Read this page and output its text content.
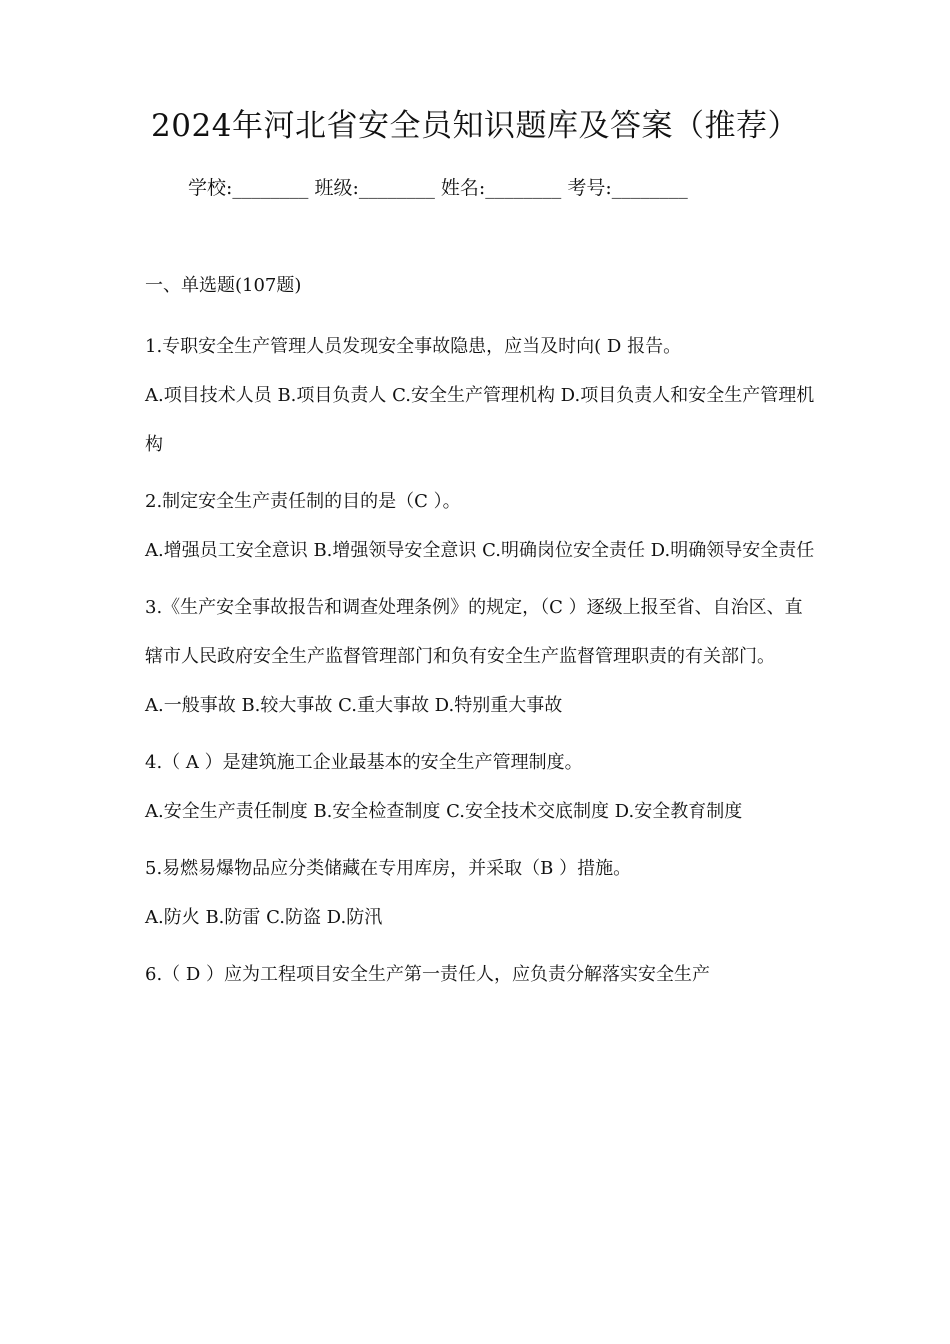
2024年河北省安全员知识题库及答案（推荐）
学校:________ 班级:________ 姓名:________ 考号:________
一、单选题(107题)

1.专职安全生产管理人员发现安全事故隐患，应当及时向( D 报告。

A.项目技术人员 B.项目负责人 C.安全生产管理机构 D.项目负责人和安全生产管理机构

2.制定安全生产责任制的目的是（C ）。

A.增强员工安全意识 B.增强领导安全意识 C.明确岗位安全责任 D.明确领导安全责任

3.《生产安全事故报告和调查处理条例》的规定，（C ）逐级上报至省、自治区、直辖市人民政府安全生产监督管理部门和负有安全生产监督管理职责的有关部门。

A.一般事故 B.较大事故 C.重大事故 D.特别重大事故

4.（ A ）是建筑施工企业最基本的安全生产管理制度。

A.安全生产责任制度 B.安全检查制度 C.安全技术交底制度 D.安全教育制度

5.易燃易爆物品应分类储藏在专用库房，并采取（B ）措施。

A.防火 B.防雷 C.防盗 D.防汛

6.（ D ）应为工程项目安全生产第一责任人，应负责分解落实安全生产
